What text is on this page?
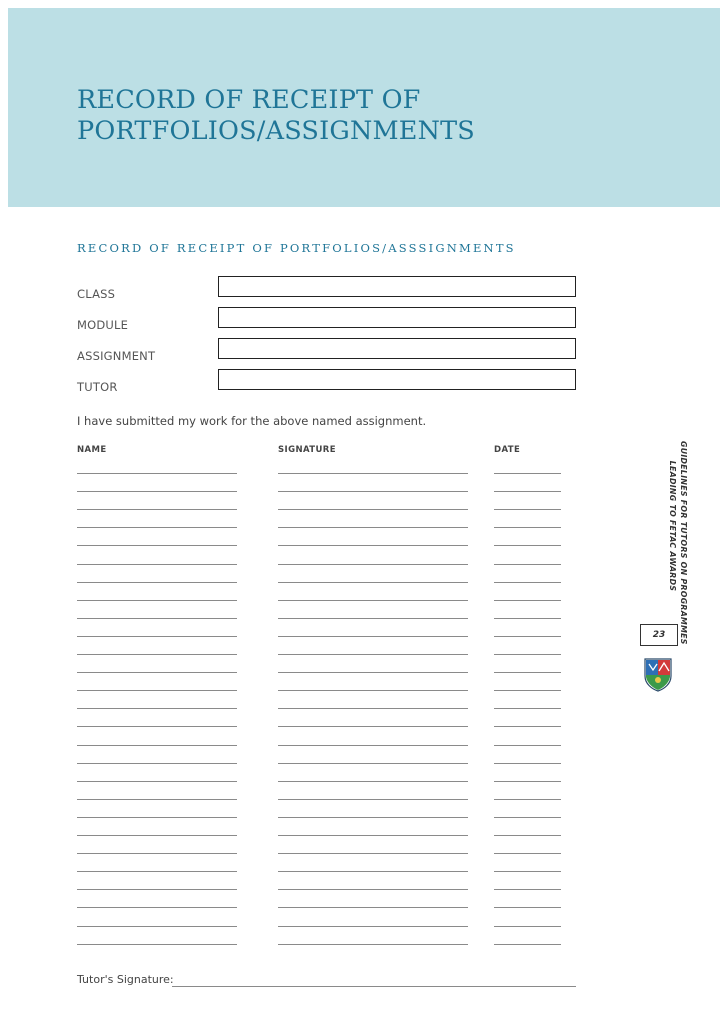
RECORD OF RECEIPT OF
PORTFOLIOS/ASSIGNMENTS
RECORD OF RECEIPT OF PORTFOLIOS/ASSSIGNMENTS
CLASS
MODULE
ASSIGNMENT
TUTOR
I have submitted my work for the above named assignment.
NAME	SIGNATURE	DATE
Tutor's Signature:
GUIDELINES FOR TUTORS ON PROGRAMMES
LEADING TO FETAC AWARDS
23
